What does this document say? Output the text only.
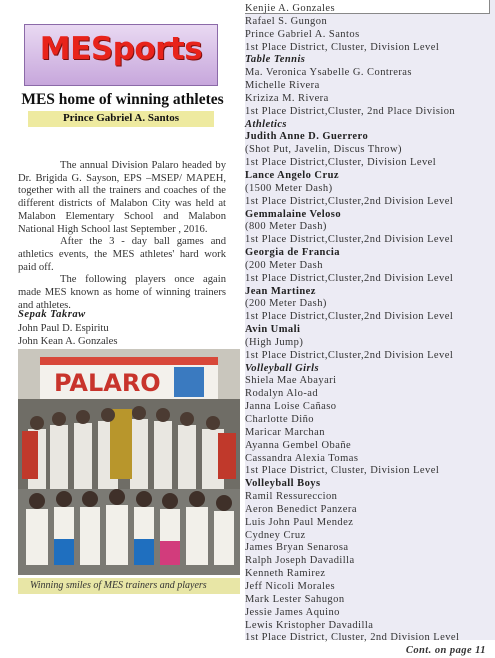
MESports
MES home of winning athletes
Prince Gabriel A. Santos

The annual Division Palaro headed by Dr. Brigida G. Sayson, EPS –MSEP/ MAPEH, together with all the trainers and coaches of the different districts of Malabon City was held at Malabon Elementary School and Malabon National High School last September , 2016.

After the 3 - day ball games and athletics events, the MES athletes' hard work paid off.

The following players once again made MES known as home of winning trainers and athletes.

Sepak Takraw
John Paul D. Espiritu
John Kean A. Gonzales
PALARO
Winning smiles of MES trainers and players
Kenjie A. Gonzales
Rafael S. Gungon
Prince Gabriel A. Santos
1st Place District, Cluster, Division Level
Table Tennis
Ma. Veronica Ysabelle G. Contreras
Michelle Rivera
Kriziza M. Rivera
1st Place District,Cluster, 2nd Place Division
Athletics
Judith Anne D. Guerrero
(Shot Put, Javelin, Discus Throw)
1st Place District,Cluster, Division Level
Lance Angelo Cruz
(1500 Meter Dash)
1st Place District,Cluster,2nd Division Level
Gemmalaine Veloso
(800 Meter Dash)
1st Place District,Cluster,2nd Division Level
Georgia de Francia
(200 Meter Dash
1st Place District,Cluster,2nd Division Level
Jean Martinez
(200 Meter Dash)
1st Place District,Cluster,2nd Division Level
Avin Umali
(High Jump)
1st Place District,Cluster,2nd Division Level
Volleyball Girls
Shiela Mae Abayari
Rodalyn Alo-ad
Janna Loise Cañaso
Charlotte Diño
Maricar Marchan
Ayanna Gembel Obañe
Cassandra Alexia Tomas
1st Place District, Cluster, Division Level
Volleyball Boys
Ramil Ressureccion
Aeron Benedict Panzera
Luis John Paul Mendez
Cydney Cruz
James Bryan Senarosa
Ralph Joseph Davadilla
Kenneth Ramirez
Jeff Nicoli Morales
Mark Lester Sahugon
Jessie James Aquino
Lewis Kristopher Davadilla
1st Place District, Cluster, 2nd Division Level

Cont. on page 11
